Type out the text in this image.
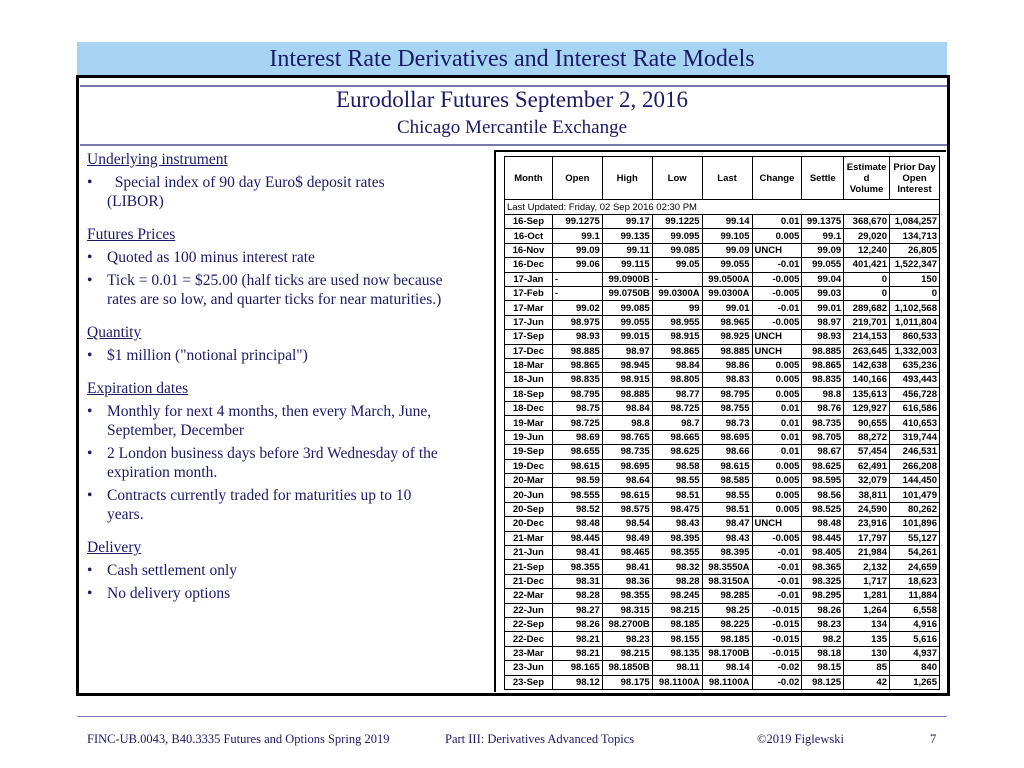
Interest Rate Derivatives and Interest Rate Models
Eurodollar Futures September 2, 2016
Chicago Mercantile Exchange

Underlying instrument

• Special index of 90 day Euro$ deposit rates
(LIBOR)

Futures Prices

• Quoted as 100 minus interest rate

• Tick = 0.01 = $25.00 (half ticks are used now because
rates are so low, and quarter ticks for near maturities.)

Quantity

• $1 million ("notional principal")

Expiration dates

• Monthly for next 4 months, then every March, June,
September, December

• 2 London business days before 3rd Wednesday of the
expiration month.

• Contracts currently traded for maturities up to 10
years.

Delivery

• Cash settlement only

• No delivery options

Month	Open	High	Low	Last	Change	Settle	Estimate d Volume	Prior Day Open Interest
Last Updated: Friday, 02 Sep 2016 02:30 PM								
16-Sep	99.1275	99.17	99.1225	99.14	0.01	99.1375	368,670	1,084,257
16-Oct	99.1	99.135	99.095	99.105	0.005	99.1	29,020	134,713
16-Nov	99.09	99.11	99.085	99.09	UNCH	99.09	12,240	26,805
16-Dec	99.06	99.115	99.05	99.055	-0.01	99.055	401,421	1,522,347
17-Jan	-	99.0900B	-	99.0500A	-0.005	99.04	0	150
17-Feb	-	99.0750B	99.0300A	99.0300A	-0.005	99.03	0	0
17-Mar	99.02	99.085	99	99.01	-0.01	99.01	289,682	1,102,568
17-Jun	98.975	99.055	98.955	98.965	-0.005	98.97	219,701	1,011,804
17-Sep	98.93	99.015	98.915	98.925	UNCH	98.93	214,153	860,533
17-Dec	98.885	98.97	98.865	98.885	UNCH	98.885	263,645	1,332,003
18-Mar	98.865	98.945	98.84	98.86	0.005	98.865	142,638	635,236
18-Jun	98.835	98.915	98.805	98.83	0.005	98.835	140,166	493,443
18-Sep	98.795	98.885	98.77	98.795	0.005	98.8	135,613	456,728
18-Dec	98.75	98.84	98.725	98.755	0.01	98.76	129,927	616,586
19-Mar	98.725	98.8	98.7	98.73	0.01	98.735	90,655	410,653
19-Jun	98.69	98.765	98.665	98.695	0.01	98.705	88,272	319,744
19-Sep	98.655	98.735	98.625	98.66	0.01	98.67	57,454	246,531
19-Dec	98.615	98.695	98.58	98.615	0.005	98.625	62,491	266,208
20-Mar	98.59	98.64	98.55	98.585	0.005	98.595	32,079	144,450
20-Jun	98.555	98.615	98.51	98.55	0.005	98.56	38,811	101,479
20-Sep	98.52	98.575	98.475	98.51	0.005	98.525	24,590	80,262
20-Dec	98.48	98.54	98.43	98.47	UNCH	98.48	23,916	101,896
21-Mar	98.445	98.49	98.395	98.43	-0.005	98.445	17,797	55,127
21-Jun	98.41	98.465	98.355	98.395	-0.01	98.405	21,984	54,261
21-Sep	98.355	98.41	98.32	98.3550A	-0.01	98.365	2,132	24,659
21-Dec	98.31	98.36	98.28	98.3150A	-0.01	98.325	1,717	18,623
22-Mar	98.28	98.355	98.245	98.285	-0.01	98.295	1,281	11,884
22-Jun	98.27	98.315	98.215	98.25	-0.015	98.26	1,264	6,558
22-Sep	98.26	98.2700B	98.185	98.225	-0.015	98.23	134	4,916
22-Dec	98.21	98.23	98.155	98.185	-0.015	98.2	135	5,616
23-Mar	98.21	98.215	98.135	98.1700B	-0.015	98.18	130	4,937
23-Jun	98.165	98.1850B	98.11	98.14	-0.02	98.15	85	840
23-Sep	98.12	98.175	98.1100A	98.1100A	-0.02	98.125	42	1,265
FINC-UB.0043, B40.3335 Futures and Options Spring 2019	Part III: Derivatives Advanced Topics	©2019 Figlewski	7
